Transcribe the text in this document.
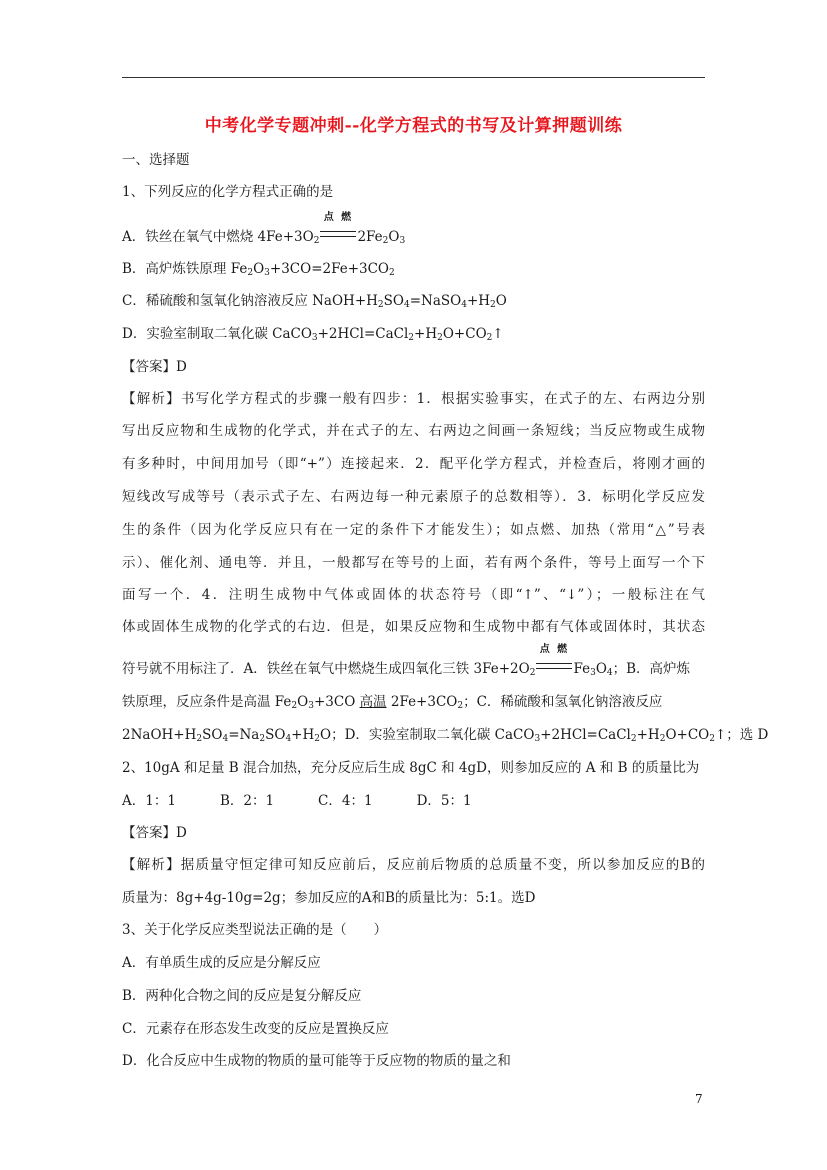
中考化学专题冲刺--化学方程式的书写及计算押题训练
一、选择题
1、下列反应的化学方程式正确的是
A．铁丝在氧气中燃烧 $4Fe+3O_2$
点 燃
$2Fe_2O_3$
B．高炉炼铁原理 $Fe_2O_3+3CO=2Fe+3CO_2$
C．稀硫酸和氢氧化钠溶液反应 $NaOH+H_2SO_4=NaSO_4+H_2O$
D．实验室制取二氧化碳 $CaCO_3+2HCl=CaCl_2+H_2O+CO_2↑$
【答案】D
【解析】书写化学方程式的步骤一般有四步：1．根据实验事实，在式子的左、右两边分别
写出反应物和生成物的化学式，并在式子的左、右两边之间画一条短线；当反应物或生成物
有多种时，中间用加号（即“+”）连接起来．2．配平化学方程式，并检查后，将刚才画的
短线改写成等号（表示式子左、右两边每一种元素原子的总数相等）．3．标明化学反应发
生的条件（因为化学反应只有在一定的条件下才能发生）；如点燃、加热（常用“△”号表
示）、催化剂、通电等．并且，一般都写在等号的上面，若有两个条件，等号上面写一个下
面写一个．4．注明生成物中气体或固体的状态符号（即“↑”、“↓”）；一般标注在气
体或固体生成物的化学式的右边．但是，如果反应物和生成物中都有气体或固体时，其状态
符号就不用标注了．A．铁丝在氧气中燃烧生成四氧化三铁 $3Fe+2O_2$
点 燃
$Fe_3O_4$；B．高炉炼
铁原理，反应条件是高温 $Fe_2O_3+3CO$ 高温 $2Fe+3CO_2$；C．稀硫酸和氢氧化钠溶液反应
$2NaOH+H_2SO_4=Na_2SO_4+H_2O$；D．实验室制取二氧化碳 $CaCO_3+2HCl=CaCl_2+H_2O+CO_2↑$；选 D
2、10gA 和足量 B 混合加热，充分反应后生成 8gC 和 4gD，则参加反应的 A 和 B 的质量比为
A．1：1	B．2：1	C．4：1	D．5：1
【答案】D
【解析】据质量守恒定律可知反应前后，反应前后物质的总质量不变，所以参加反应的B的
质量为：8g+4g-10g=2g；参加反应的A和B的质量比为：5:1。选D
3、关于化学反应类型说法正确的是（　　）
A．有单质生成的反应是分解反应
B．两种化合物之间的反应是复分解反应
C．元素存在形态发生改变的反应是置换反应
D．化合反应中生成物的物质的量可能等于反应物的物质的量之和
7
